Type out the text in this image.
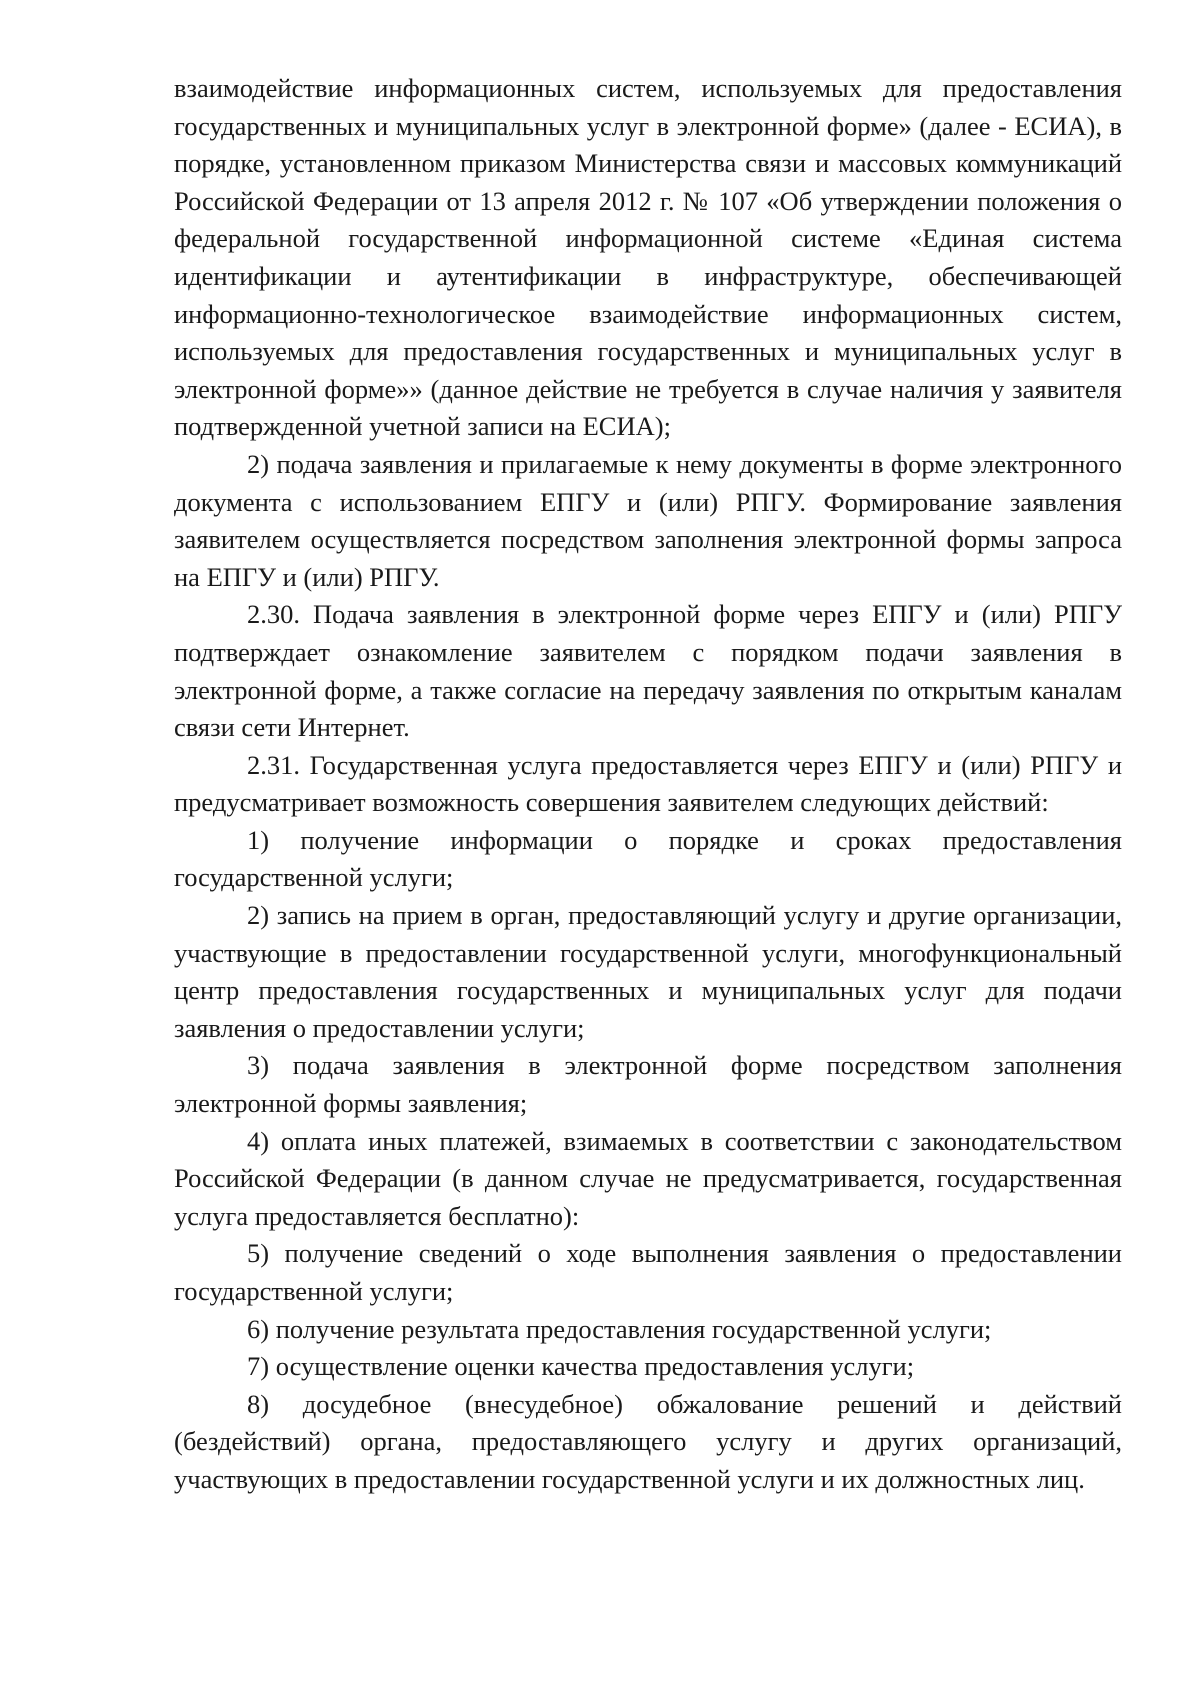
взаимодействие информационных систем, используемых для предоставления государственных и муниципальных услуг в электронной форме» (далее - ЕСИА), в порядке, установленном приказом Министерства связи и массовых коммуникаций Российской Федерации от 13 апреля 2012 г. № 107 «Об утверждении положения о федеральной государственной информационной системе «Единая система идентификации и аутентификации в инфраструктуре, обеспечивающей информационно-технологическое взаимодействие информационных систем, используемых для предоставления государственных и муниципальных услуг в электронной форме»» (данное действие не требуется в случае наличия у заявителя подтвержденной учетной записи на ЕСИА);

2) подача заявления и прилагаемые к нему документы в форме электронного документа с использованием ЕПГУ и (или) РПГУ. Формирование заявления заявителем осуществляется посредством заполнения электронной формы запроса на ЕПГУ и (или) РПГУ.

2.30. Подача заявления в электронной форме через ЕПГУ и (или) РПГУ подтверждает ознакомление заявителем с порядком подачи заявления в электронной форме, а также согласие на передачу заявления по открытым каналам связи сети Интернет.

2.31. Государственная услуга предоставляется через ЕПГУ и (или) РПГУ и предусматривает возможность совершения заявителем следующих действий:

1) получение информации о порядке и сроках предоставления государственной услуги;

2) запись на прием в орган, предоставляющий услугу и другие организации, участвующие в предоставлении государственной услуги, многофункциональный центр предоставления государственных и муниципальных услуг для подачи заявления о предоставлении услуги;

3) подача заявления в электронной форме посредством заполнения электронной формы заявления;

4) оплата иных платежей, взимаемых в соответствии с законодательством Российской Федерации (в данном случае не предусматривается, государственная услуга предоставляется бесплатно):

5) получение сведений о ходе выполнения заявления о предоставлении государственной услуги;

6) получение результата предоставления государственной услуги;

7) осуществление оценки качества предоставления услуги;

8) досудебное (внесудебное) обжалование решений и действий (бездействий) органа, предоставляющего услугу и других организаций, участвующих в предоставлении государственной услуги и их должностных лиц.
